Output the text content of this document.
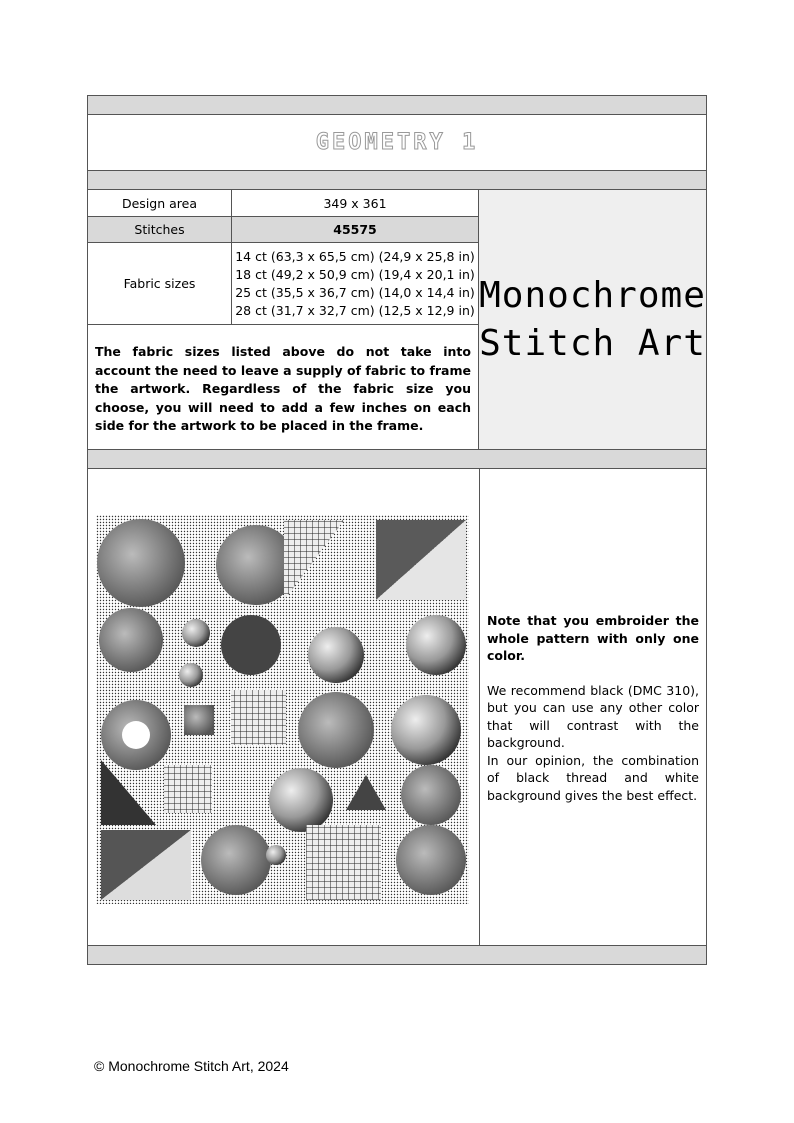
GEOMETRY 1
Design area	349 x 361
Stitches	45575
Fabric sizes
14 ct (63,3 x 65,5 cm) (24,9 x 25,8 in)
18 ct (49,2 x 50,9 cm) (19,4 x 20,1 in)
25 ct (35,5 x 36,7 cm) (14,0 x 14,4 in)
28 ct (31,7 x 32,7 cm) (12,5 x 12,9 in)
The fabric sizes listed above do not take into account the need to leave a supply of fabric to frame the artwork. Regardless of the fabric size you choose, you will need to add a few inches on each side for the artwork to be placed in the frame.
Monochrome
Stitch Art
Note that you embroider the whole pattern with only one color.

We recommend black (DMC 310), but you can use any other color that will contrast with the background.

In our opinion, the combination of black thread and white background gives the best effect.

© Monochrome Stitch Art, 2024
